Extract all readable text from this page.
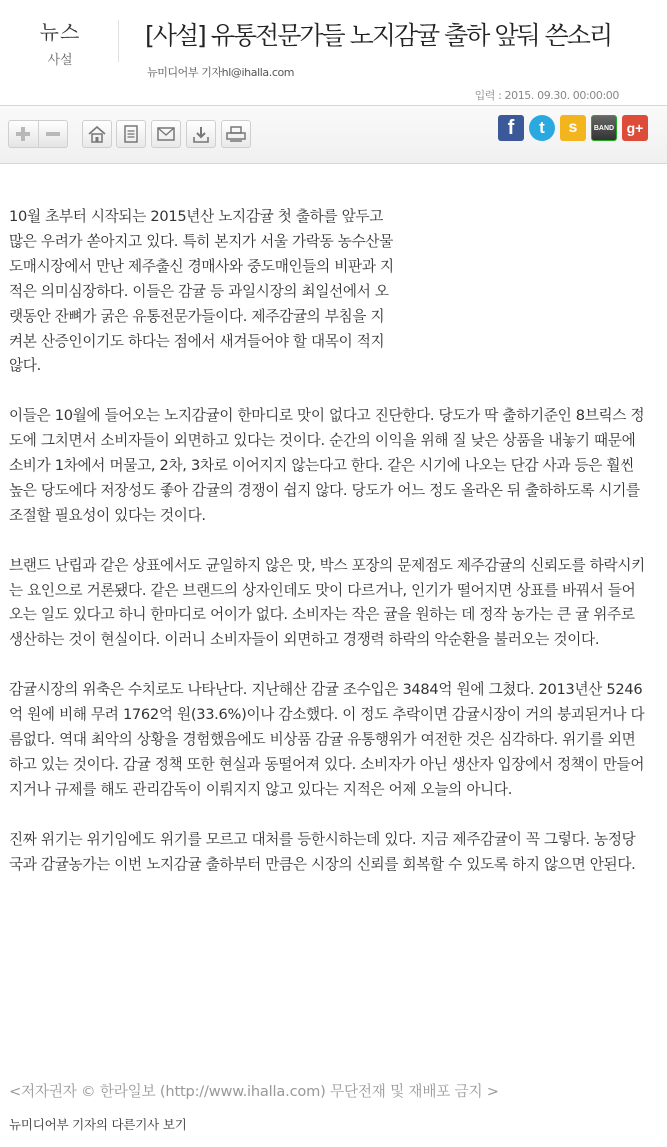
뉴스
사설
[사설] 유통전문가들 노지감귤 출하 앞둬 쓴소리
뉴미디어부 기자hl@ihalla.com
입력 : 2015. 09.30. 00:00:00
f t s BAND g+

10월 초부터 시작되는 2015년산 노지감귤 첫 출하를 앞두고 많은 우려가 쏟아지고 있다. 특히 본지가 서울 가락동 농수산물 도매시장에서 만난 제주출신 경매사와 중도매인들의 비판과 지적은 의미심장하다. 이들은 감귤 등 과일시장의 최일선에서 오랫동안 잔뼈가 굵은 유통전문가들이다. 제주감귤의 부침을 지켜본 산증인이기도 하다는 점에서 새겨들어야 할 대목이 적지 않다.

이들은 10월에 들어오는 노지감귤이 한마디로 맛이 없다고 진단한다. 당도가 딱 출하기준인 8브릭스 정도에 그치면서 소비자들이 외면하고 있다는 것이다. 순간의 이익을 위해 질 낮은 상품을 내놓기 때문에 소비가 1차에서 머물고, 2차, 3차로 이어지지 않는다고 한다. 같은 시기에 나오는 단감 사과 등은 훨씬 높은 당도에다 저장성도 좋아 감귤의 경쟁이 쉽지 않다. 당도가 어느 정도 올라온 뒤 출하하도록 시기를 조절할 필요성이 있다는 것이다.

브랜드 난립과 같은 상표에서도 균일하지 않은 맛, 박스 포장의 문제점도 제주감귤의 신뢰도를 하락시키는 요인으로 거론됐다. 같은 브랜드의 상자인데도 맛이 다르거나, 인기가 떨어지면 상표를 바꿔서 들어오는 일도 있다고 하니 한마디로 어이가 없다. 소비자는 작은 귤을 원하는 데 정작 농가는 큰 귤 위주로 생산하는 것이 현실이다. 이러니 소비자들이 외면하고 경쟁력 하락의 악순환을 불러오는 것이다.

감귤시장의 위축은 수치로도 나타난다. 지난해산 감귤 조수입은 3484억 원에 그쳤다. 2013년산 5246억 원에 비해 무려 1762억 원(33.6%)이나 감소했다. 이 정도 추락이면 감귤시장이 거의 붕괴된거나 다름없다. 역대 최악의 상황을 경험했음에도 비상품 감귤 유통행위가 여전한 것은 심각하다. 위기를 외면하고 있는 것이다. 감귤 정책 또한 현실과 동떨어져 있다. 소비자가 아닌 생산자 입장에서 정책이 만들어지거나 규제를 해도 관리감독이 이뤄지지 않고 있다는 지적은 어제 오늘의 아니다.

진짜 위기는 위기임에도 위기를 모르고 대처를 등한시하는데 있다. 지금 제주감귤이 꼭 그렇다. 농정당국과 감귤농가는 이번 노지감귤 출하부터 만큼은 시장의 신뢰를 회복할 수 있도록 하지 않으면 안된다.

<저자권자 © 한라일보 (http://www.ihalla.com) 무단전재 및 재배포 금지 >
뉴미디어부 기자의 다른기사 보기
